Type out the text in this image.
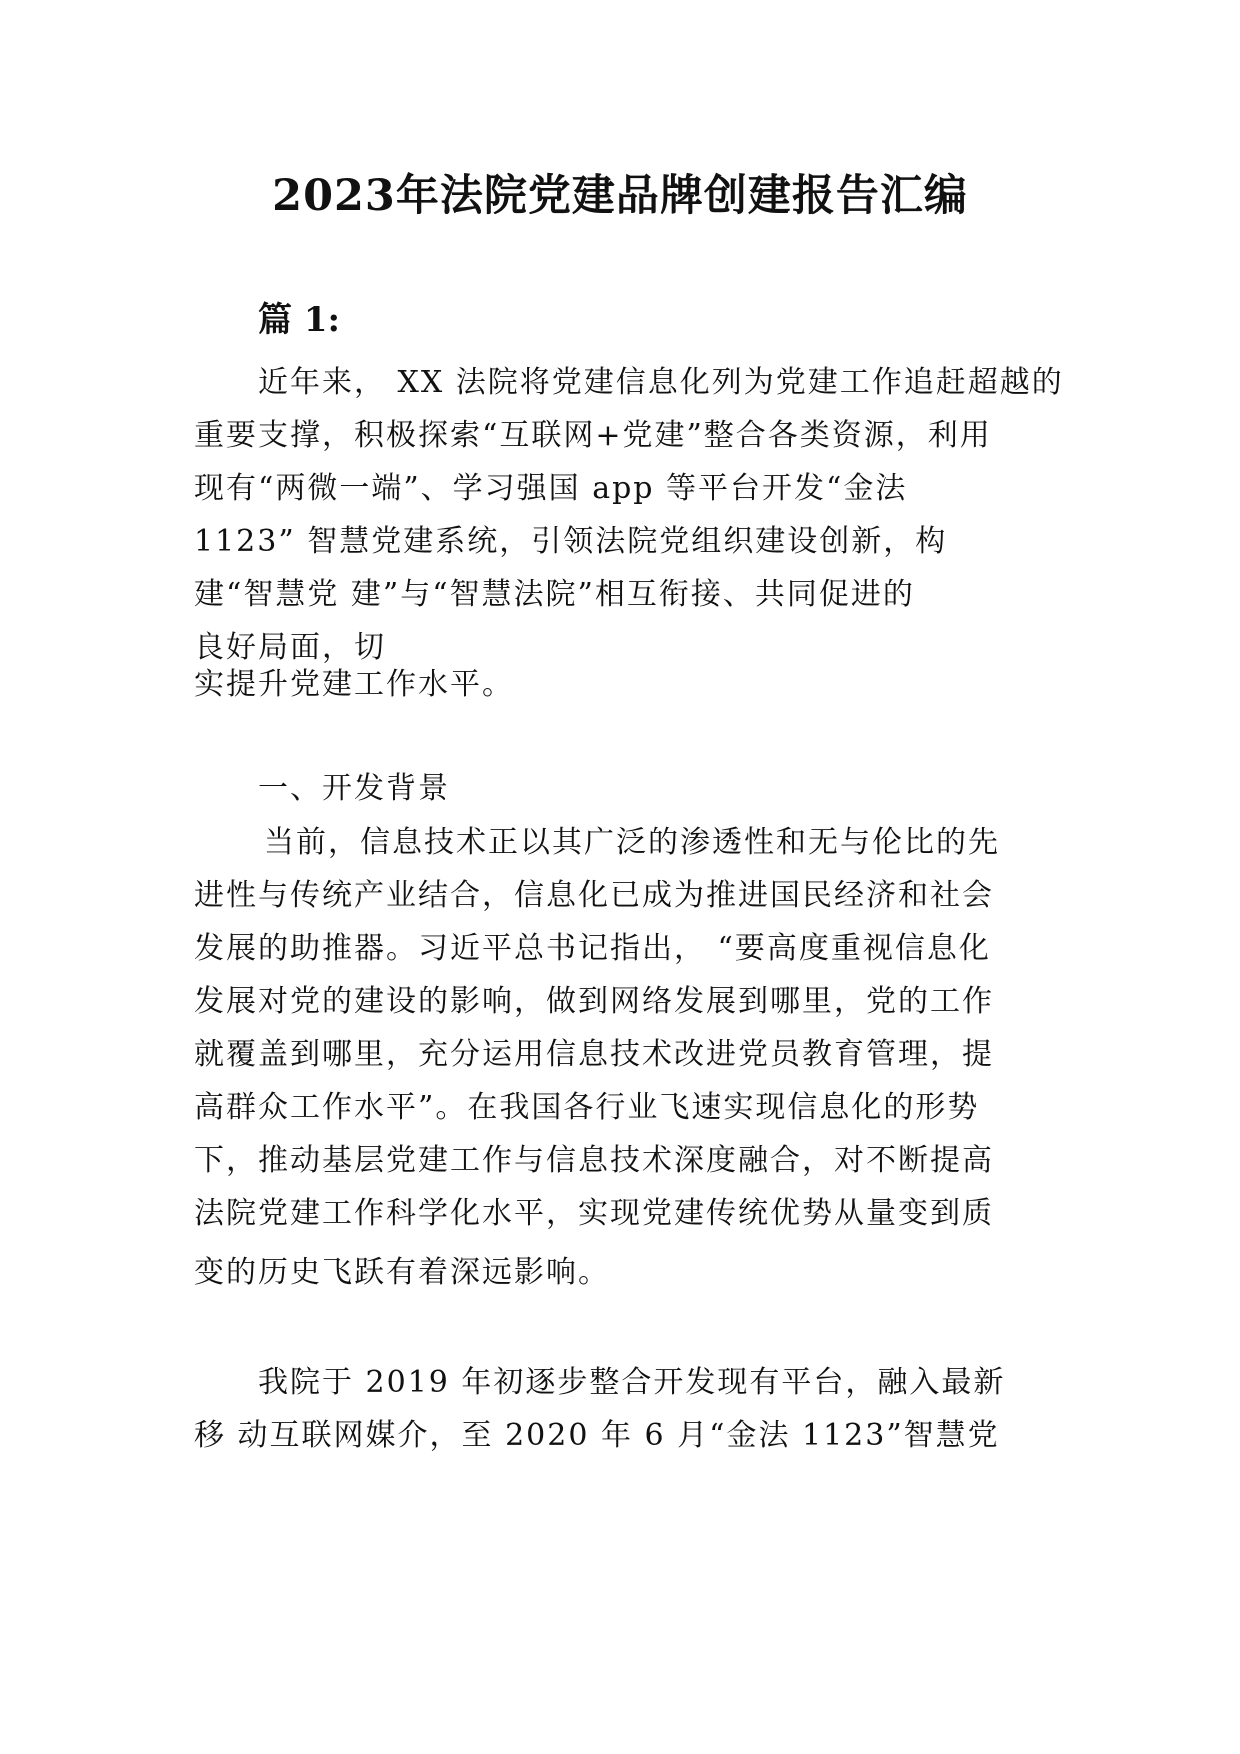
2023年法院党建品牌创建报告汇编
篇 1:

近年来， XX 法院将党建信息化列为党建工作追赶超越的

重要支撑，积极探索“互联网+党建”整合各类资源，利用
现有“两微一端”、学习强国 app 等平台开发“金法
1123” 智慧党建系统，引领法院党组织建设创新，构
建“智慧党 建”与“智慧法院”相互衔接、共同促进的
良好局面，切

实提升党建工作水平。

一、开发背景

当前，信息技术正以其广泛的渗透性和无与伦比的先

进性与传统产业结合，信息化已成为推进国民经济和社会
发展的助推器。习近平总书记指出， “要高度重视信息化
发展对党的建设的影响，做到网络发展到哪里，党的工作
就覆盖到哪里，充分运用信息技术改进党员教育管理，提
高群众工作水平”。在我国各行业飞速实现信息化的形势
下，推动基层党建工作与信息技术深度融合，对不断提高
法院党建工作科学化水平，实现党建传统优势从量变到质

变的历史飞跃有着深远影响。

我院于 2019 年初逐步整合开发现有平台，融入最新

移 动互联网媒介，至 2020 年 6 月“金法 1123”智慧党
